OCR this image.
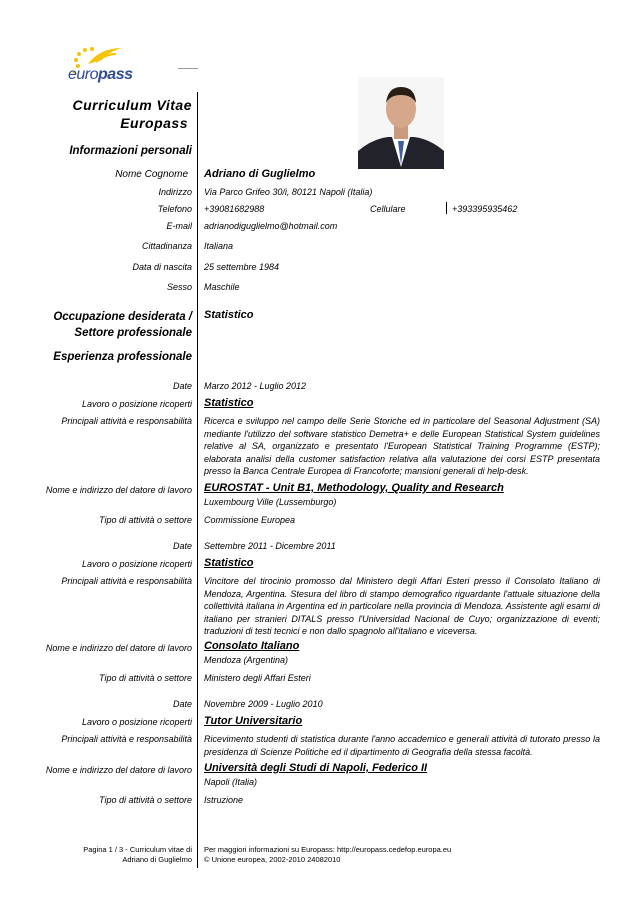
europass
Curriculum Vitae
Europass
Informazioni personali
Nome Cognome Adriano di Guglielmo
Indirizzo Via Parco Grifeo 30/i, 80121 Napoli (Italia)
Telefono +39081682988	Cellulare	+393395935462
E-mail adrianodiguglielmo@hotmail.com
Cittadinanza Italiana
Data di nascita 25 settembre 1984
Sesso Maschile
Occupazione desiderata /
Settore professionale
Statistico
Esperienza professionale
Date Marzo 2012 - Luglio 2012
Lavoro o posizione ricoperti Statistico
Principali attività e responsabilità Ricerca e sviluppo nel campo delle Serie Storiche ed in particolare del Seasonal Adjustment (SA) mediante l'utilizzo del software statistico Demetra+ e delle European Statistical System guidelines relative al SA, organizzato e presentato l'European Statistical Training Programme (ESTP); elaborata analisi della customer satisfaction relativa alla valutazione dei corsi ESTP presentata presso la Banca Centrale Europea di Francoforte; mansioni generali di help-desk.
Nome e indirizzo del datore di lavoro EUROSTAT - Unit B1, Methodology, Quality and Research
Luxembourg Ville (Lussemburgo)
Tipo di attività o settore Commissione Europea
Date Settembre 2011 - Dicembre 2011
Lavoro o posizione ricoperti Statistico
Principali attività e responsabilità Vincitore del tirocinio promosso dal Ministero degli Affari Esteri presso il Consolato Italiano di Mendoza, Argentina. Stesura del libro di stampo demografico riguardante l'attuale situazione della collettività italiana in Argentina ed in particolare nella provincia di Mendoza. Assistente agli esami di italiano per stranieri DITALS presso l'Universidad Nacional de Cuyo; organizzazione di eventi; traduzioni di testi tecnici e non dallo spagnolo all'italiano e viceversa.
Nome e indirizzo del datore di lavoro Consolato Italiano
Mendoza (Argentina)
Tipo di attività o settore Ministero degli Affari Esteri
Date Novembre 2009 - Luglio 2010
Lavoro o posizione ricoperti Tutor Universitario
Principali attività e responsabilità Ricevimento studenti di statistica durante l'anno accademico e generali attività di tutorato presso la presidenza di Scienze Politiche ed il dipartimento di Geografia della stessa facoltà.
Nome e indirizzo del datore di lavoro Università degli Studi di Napoli, Federico II
Napoli (Italia)
Tipo di attività o settore Istruzione
Pagina 1 / 3 - Curriculum vitae di
Adriano di Guglielmo
Per maggiori informazioni su Europass: http://europass.cedefop.europa.eu
© Unione europea, 2002-2010 24082010
